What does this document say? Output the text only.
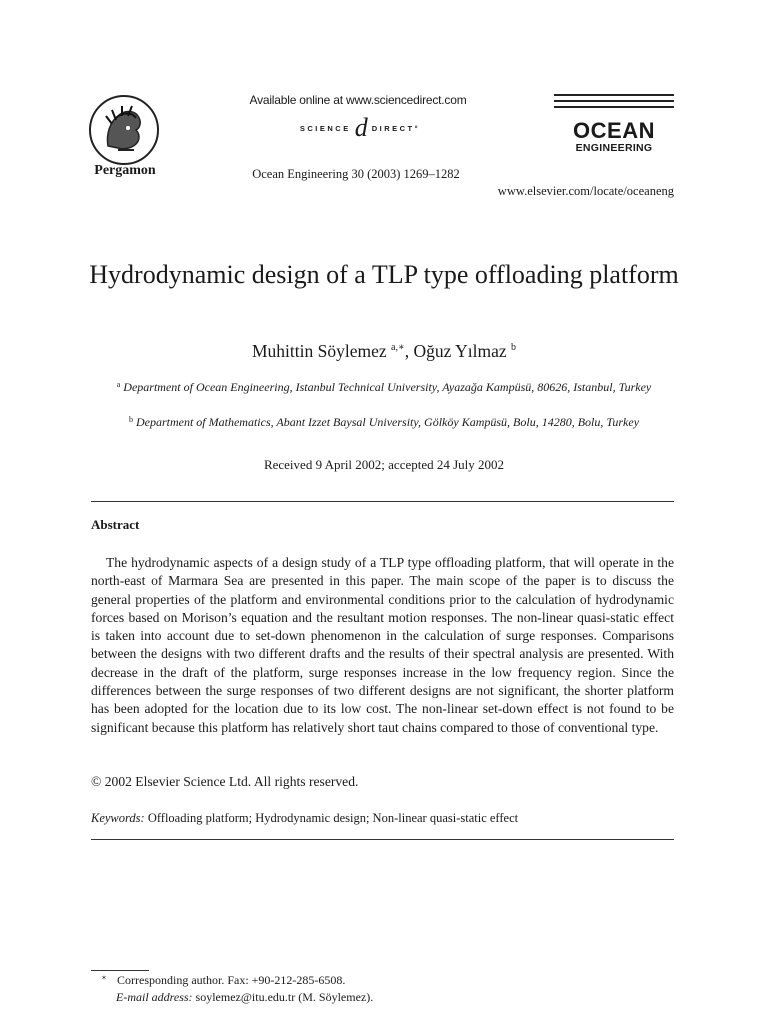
Pergamon
Available online at www.sciencedirect.com
SCIENCE d DIRECT°
Ocean Engineering 30 (2003) 1269–1282
www.elsevier.com/locate/oceaneng
OCEAN
ENGINEERING
Hydrodynamic design of a TLP type offloading platform
Muhittin Söylemez $^{a,∗}$, Oğuz Yılmaz $^b$
$^a$ Department of Ocean Engineering, Istanbul Technical University, Ayazağa Kampüsü, 80626, Istanbul, Turkey
$^b$ Department of Mathematics, Abant Izzet Baysal University, Gölköy Kampüsü, Bolu, 14280, Bolu, Turkey
Received 9 April 2002; accepted 24 July 2002
Abstract

The hydrodynamic aspects of a design study of a TLP type offloading platform, that will operate in the north-east of Marmara Sea are presented in this paper. The main scope of the paper is to discuss the general properties of the platform and environmental conditions prior to the calculation of hydrodynamic forces based on Morison’s equation and the resultant motion responses. The non-linear quasi-static effect is taken into account due to set-down phenomenon in the calculation of surge responses. Comparisons between the designs with two different drafts and the results of their spectral analysis are presented. With decrease in the draft of the platform, surge responses increase in the low frequency region. Since the differences between the surge responses of two different designs are not significant, the shorter platform has been adopted for the location due to its low cost. The non-linear set-down effect is not found to be significant because this platform has relatively short taut chains compared to those of conventional type.

© 2002 Elsevier Science Ltd. All rights reserved.
Keywords: Offloading platform; Hydrodynamic design; Non-linear quasi-static effect
∗ Corresponding author. Fax: +90-212-285-6508.
E-mail address: soylemez@itu.edu.tr (M. Söylemez).
